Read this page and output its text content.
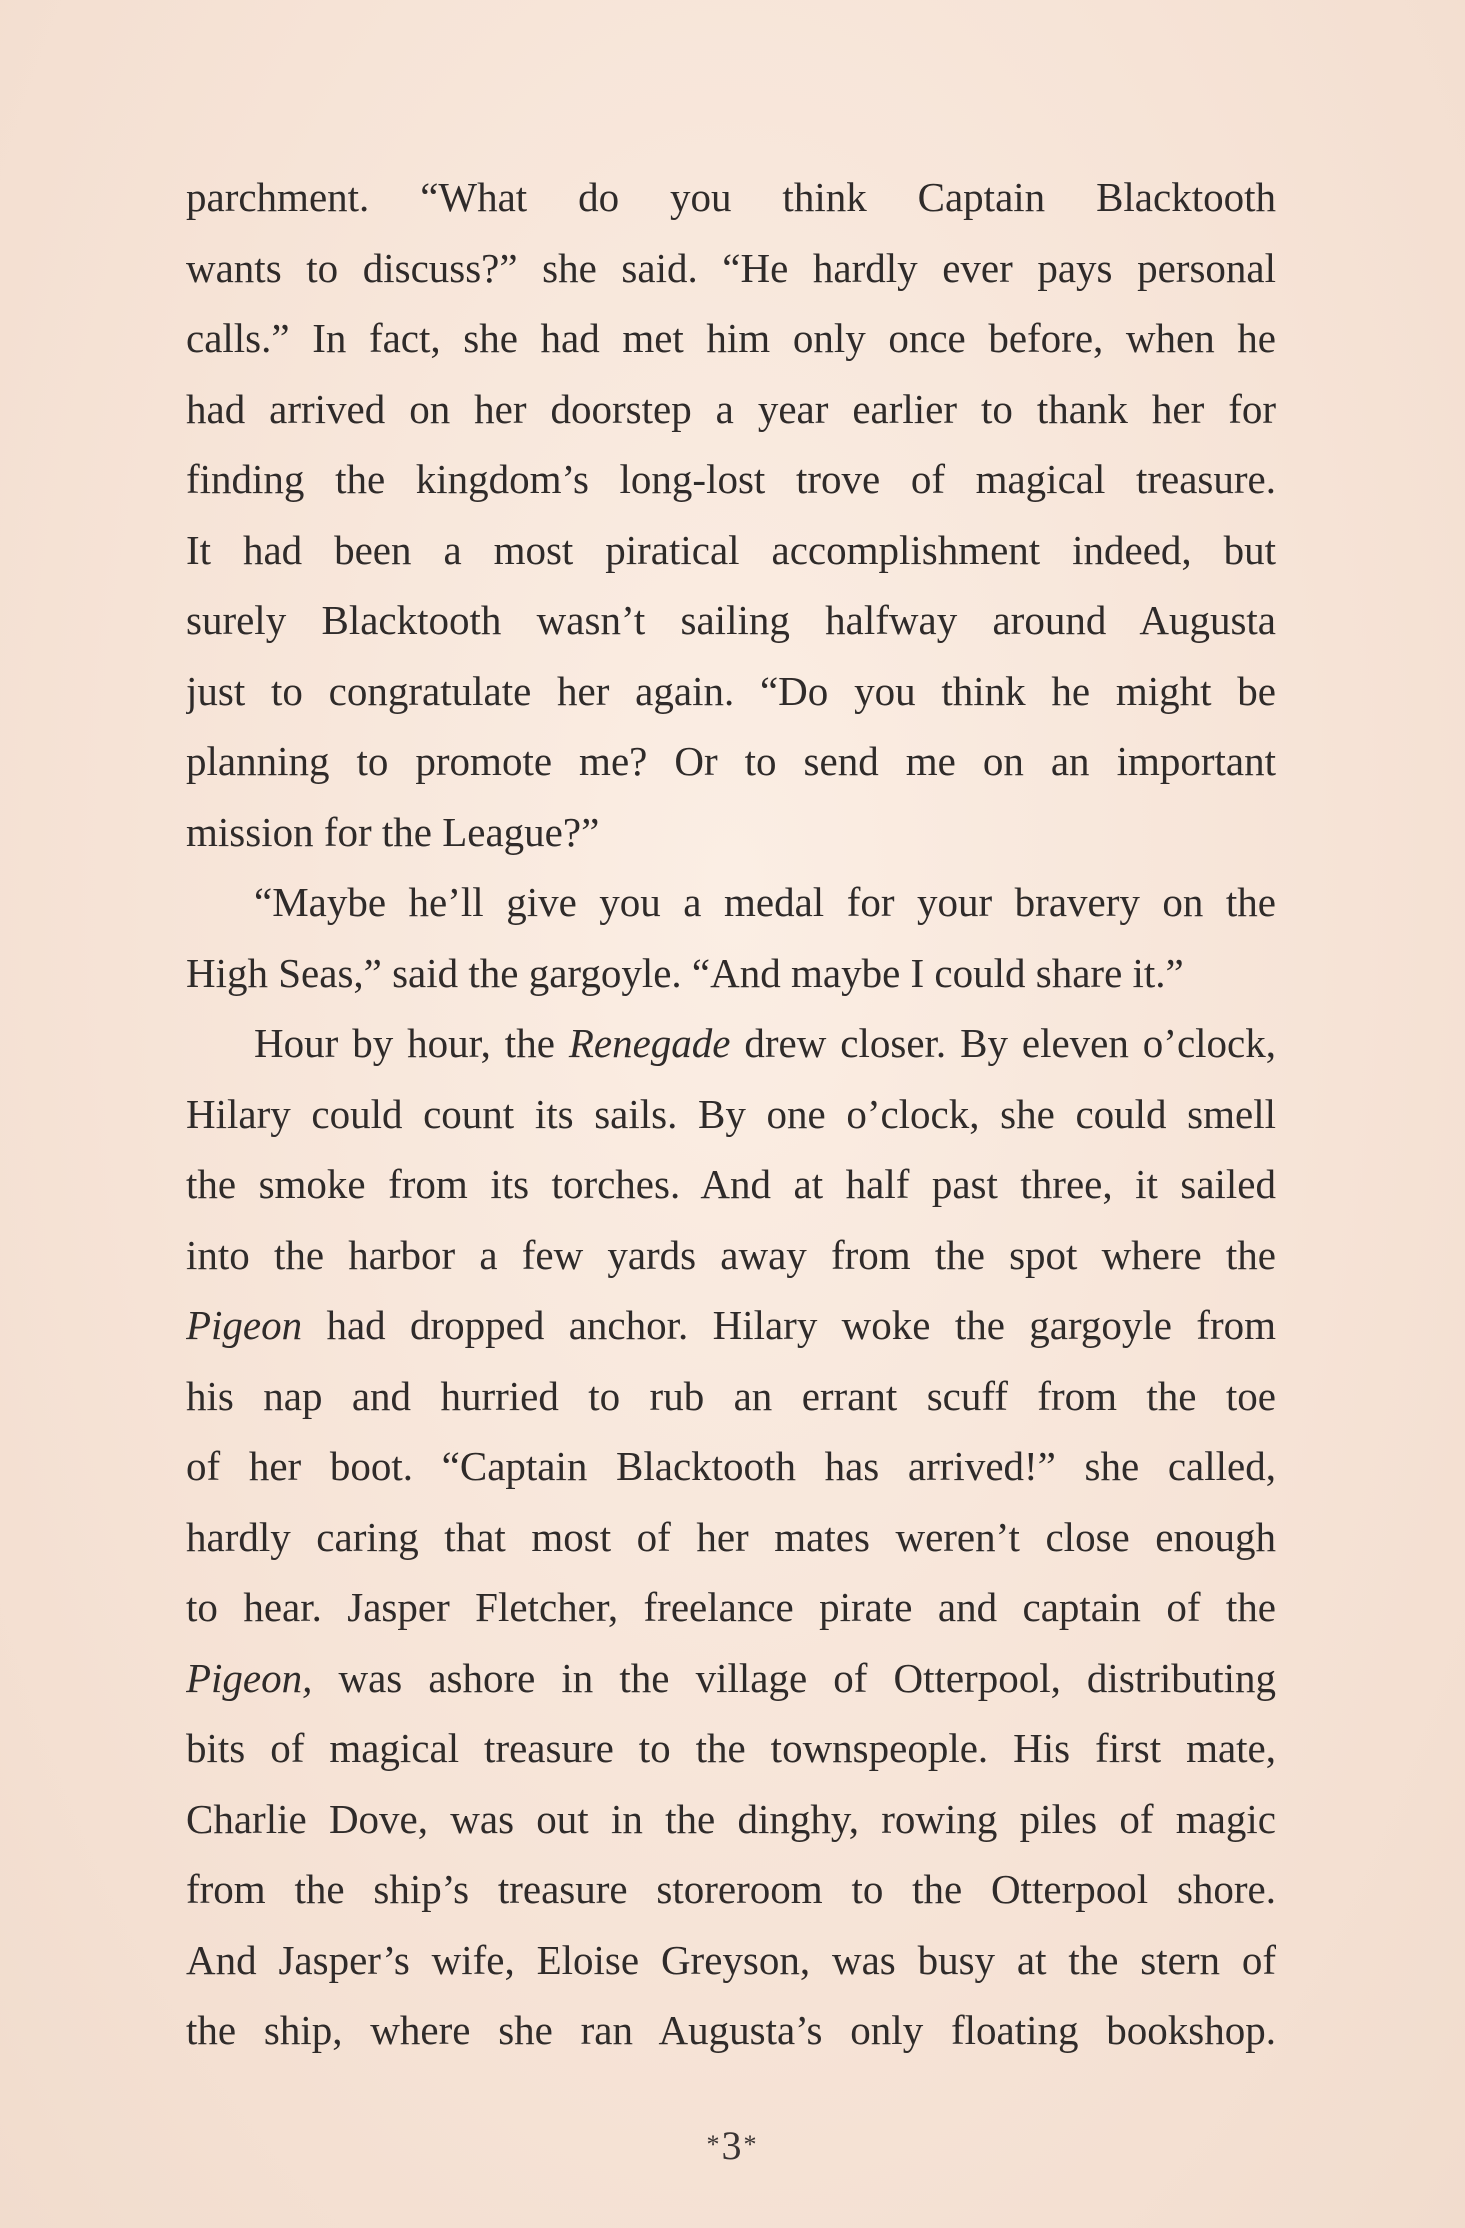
parchment. “What do you think Captain Blacktooth
wants to discuss?” she said. “He hardly ever pays personal
calls.” In fact, she had met him only once before, when he
had arrived on her doorstep a year earlier to thank her for
finding the kingdom’s long-lost trove of magical treasure.
It had been a most piratical accomplishment indeed, but
surely Blacktooth wasn’t sailing halfway around Augusta
just to congratulate her again. “Do you think he might be
planning to promote me? Or to send me on an important
mission for the League?”
“Maybe he’ll give you a medal for your bravery on the
High Seas,” said the gargoyle. “And maybe I could share it.”
Hour by hour, the Renegade drew closer. By eleven o’clock,
Hilary could count its sails. By one o’clock, she could smell
the smoke from its torches. And at half past three, it sailed
into the harbor a few yards away from the spot where the
Pigeon had dropped anchor. Hilary woke the gargoyle from
his nap and hurried to rub an errant scuff from the toe
of her boot. “Captain Blacktooth has arrived!” she called,
hardly caring that most of her mates weren’t close enough
to hear. Jasper Fletcher, freelance pirate and captain of the
Pigeon, was ashore in the village of Otterpool, distributing
bits of magical treasure to the townspeople. His first mate,
Charlie Dove, was out in the dinghy, rowing piles of magic
from the ship’s treasure storeroom to the Otterpool shore.
And Jasper’s wife, Eloise Greyson, was busy at the stern of
the ship, where she ran Augusta’s only floating bookshop.
*3*
